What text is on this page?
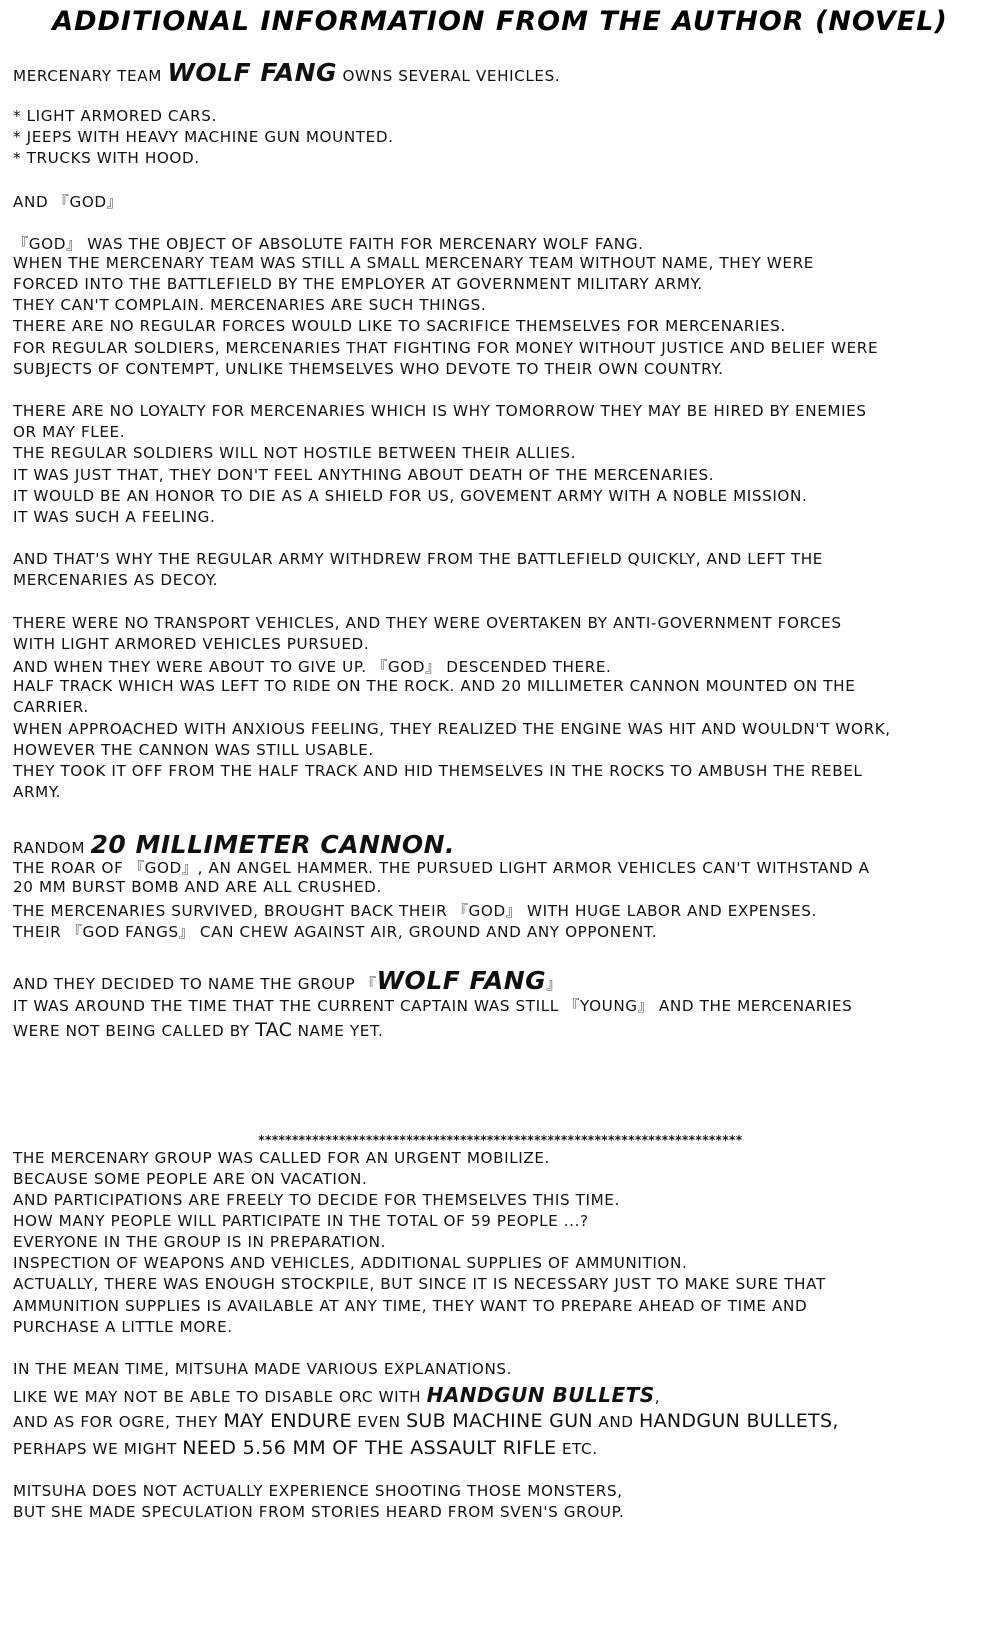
ADDITIONAL INFORMATION FROM THE AUTHOR (NOVEL)
MERCENARY TEAM WOLF FANG OWNS SEVERAL VEHICLES.
* LIGHT ARMORED CARS.
* JEEPS WITH HEAVY MACHINE GUN MOUNTED.
* TRUCKS WITH HOOD.
AND 『GOD』
『GOD』 WAS THE OBJECT OF ABSOLUTE FAITH FOR MERCENARY WOLF FANG.
WHEN THE MERCENARY TEAM WAS STILL A SMALL MERCENARY TEAM WITHOUT NAME, THEY WERE
FORCED INTO THE BATTLEFIELD BY THE EMPLOYER AT GOVERNMENT MILITARY ARMY.
THEY CAN'T COMPLAIN. MERCENARIES ARE SUCH THINGS.
THERE ARE NO REGULAR FORCES WOULD LIKE TO SACRIFICE THEMSELVES FOR MERCENARIES.
FOR REGULAR SOLDIERS, MERCENARIES THAT FIGHTING FOR MONEY WITHOUT JUSTICE AND BELIEF WERE
SUBJECTS OF CONTEMPT, UNLIKE THEMSELVES WHO DEVOTE TO THEIR OWN COUNTRY.
THERE ARE NO LOYALTY FOR MERCENARIES WHICH IS WHY TOMORROW THEY MAY BE HIRED BY ENEMIES
OR MAY FLEE.
THE REGULAR SOLDIERS WILL NOT HOSTILE BETWEEN THEIR ALLIES.
IT WAS JUST THAT, THEY DON'T FEEL ANYTHING ABOUT DEATH OF THE MERCENARIES.
IT WOULD BE AN HONOR TO DIE AS A SHIELD FOR US, GOVEMENT ARMY WITH A NOBLE MISSION.
IT WAS SUCH A FEELING.
AND THAT'S WHY THE REGULAR ARMY WITHDREW FROM THE BATTLEFIELD QUICKLY, AND LEFT THE
MERCENARIES AS DECOY.
THERE WERE NO TRANSPORT VEHICLES, AND THEY WERE OVERTAKEN BY ANTI-GOVERNMENT FORCES
WITH LIGHT ARMORED VEHICLES PURSUED.
AND WHEN THEY WERE ABOUT TO GIVE UP. 『GOD』 DESCENDED THERE.
HALF TRACK WHICH WAS LEFT TO RIDE ON THE ROCK. AND 20 MILLIMETER CANNON MOUNTED ON THE
CARRIER.
WHEN APPROACHED WITH ANXIOUS FEELING, THEY REALIZED THE ENGINE WAS HIT AND WOULDN'T WORK,
HOWEVER THE CANNON WAS STILL USABLE.
THEY TOOK IT OFF FROM THE HALF TRACK AND HID THEMSELVES IN THE ROCKS TO AMBUSH THE REBEL
ARMY.
RANDOM 20 MILLIMETER CANNON.
THE ROAR OF 『GOD』, AN ANGEL HAMMER. THE PURSUED LIGHT ARMOR VEHICLES CAN'T WITHSTAND A
20 MM BURST BOMB AND ARE ALL CRUSHED.
THE MERCENARIES SURVIVED, BROUGHT BACK THEIR 『GOD』 WITH HUGE LABOR AND EXPENSES.
THEIR 『GOD FANGS』 CAN CHEW AGAINST AIR, GROUND AND ANY OPPONENT.
AND THEY DECIDED TO NAME THE GROUP 『WOLF FANG』
IT WAS AROUND THE TIME THAT THE CURRENT CAPTAIN WAS STILL 『YOUNG』 AND THE MERCENARIES
WERE NOT BEING CALLED BY TAC NAME YET.
************************************************************************
THE MERCENARY GROUP WAS CALLED FOR AN URGENT MOBILIZE.
BECAUSE SOME PEOPLE ARE ON VACATION.
AND PARTICIPATIONS ARE FREELY TO DECIDE FOR THEMSELVES THIS TIME.
HOW MANY PEOPLE WILL PARTICIPATE IN THE TOTAL OF 59 PEOPLE ...?
EVERYONE IN THE GROUP IS IN PREPARATION.
INSPECTION OF WEAPONS AND VEHICLES, ADDITIONAL SUPPLIES OF AMMUNITION.
ACTUALLY, THERE WAS ENOUGH STOCKPILE, BUT SINCE IT IS NECESSARY JUST TO MAKE SURE THAT
AMMUNITION SUPPLIES IS AVAILABLE AT ANY TIME, THEY WANT TO PREPARE AHEAD OF TIME AND
PURCHASE A LITTLE MORE.
IN THE MEAN TIME, MITSUHA MADE VARIOUS EXPLANATIONS.
LIKE WE MAY NOT BE ABLE TO DISABLE ORC WITH HANDGUN BULLETS,
AND AS FOR OGRE, THEY MAY ENDURE EVEN SUB MACHINE GUN AND HANDGUN BULLETS,
PERHAPS WE MIGHT NEED 5.56 MM OF THE ASSAULT RIFLE ETC.
MITSUHA DOES NOT ACTUALLY EXPERIENCE SHOOTING THOSE MONSTERS,
BUT SHE MADE SPECULATION FROM STORIES HEARD FROM SVEN'S GROUP.
